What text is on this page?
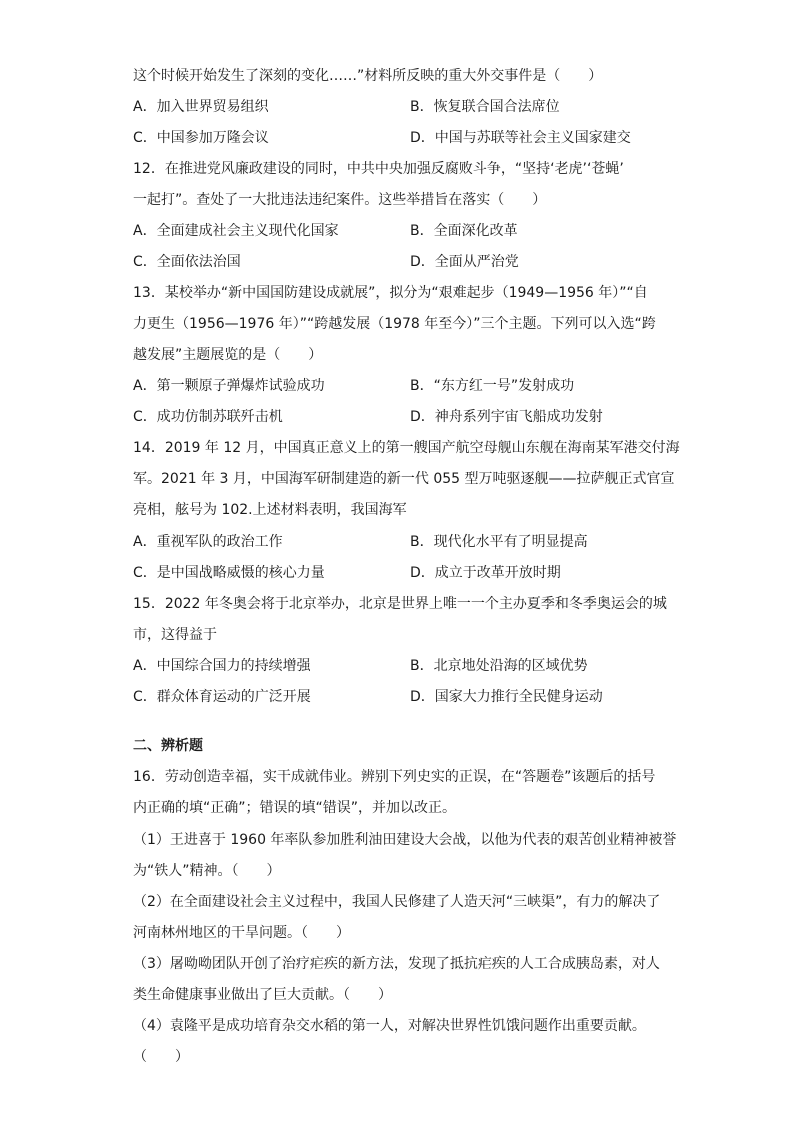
这个时候开始发生了深刻的变化……”材料所反映的重大外交事件是（　　）
A．加入世界贸易组织	B．恢复联合国合法席位
C．中国参加万隆会议	D．中国与苏联等社会主义国家建交
12．在推进党风廉政建设的同时，中共中央加强反腐败斗争，“坚持‘老虎’‘苍蝇’
一起打”。查处了一大批违法违纪案件。这些举措旨在落实（　　）
A．全面建成社会主义现代化国家	B．全面深化改革
C．全面依法治国	D．全面从严治党
13．某校举办“新中国国防建设成就展”，拟分为“艰难起步（1949—1956 年）”“自
力更生（1956—1976 年）”“跨越发展（1978 年至今）”三个主题。下列可以入选“跨
越发展”主题展览的是（　　）
A．第一颗原子弹爆炸试验成功	B．“东方红一号”发射成功
C．成功仿制苏联歼击机	D．神舟系列宇宙飞船成功发射
14．2019 年 12 月，中国真正意义上的第一艘国产航空母舰山东舰在海南某军港交付海
军。2021 年 3 月，中国海军研制建造的新一代 055 型万吨驱逐舰——拉萨舰正式官宣
亮相，舷号为 102.上述材料表明，我国海军
A．重视军队的政治工作	B．现代化水平有了明显提高
C．是中国战略威慑的核心力量	D．成立于改革开放时期
15．2022 年冬奥会将于北京举办，北京是世界上唯一一个主办夏季和冬季奥运会的城
市，这得益于
A．中国综合国力的持续增强	B．北京地处沿海的区域优势
C．群众体育运动的广泛开展	D．国家大力推行全民健身运动
二、辨析题
16．劳动创造幸福，实干成就伟业。辨别下列史实的正误，在“答题卷”该题后的括号
内正确的填“正确”；错误的填“错误”，并加以改正。
（1）王进喜于 1960 年率队参加胜利油田建设大会战，以他为代表的艰苦创业精神被誉
为“铁人”精神。（　　）
（2）在全面建设社会主义过程中，我国人民修建了人造天河“三峡渠”，有力的解决了
河南林州地区的干旱问题。（　　）
（3）屠呦呦团队开创了治疗疟疾的新方法，发现了抵抗疟疾的人工合成胰岛素，对人
类生命健康事业做出了巨大贡献。（　　）
（4）袁隆平是成功培育杂交水稻的第一人，对解决世界性饥饿问题作出重要贡献。
（　　）
